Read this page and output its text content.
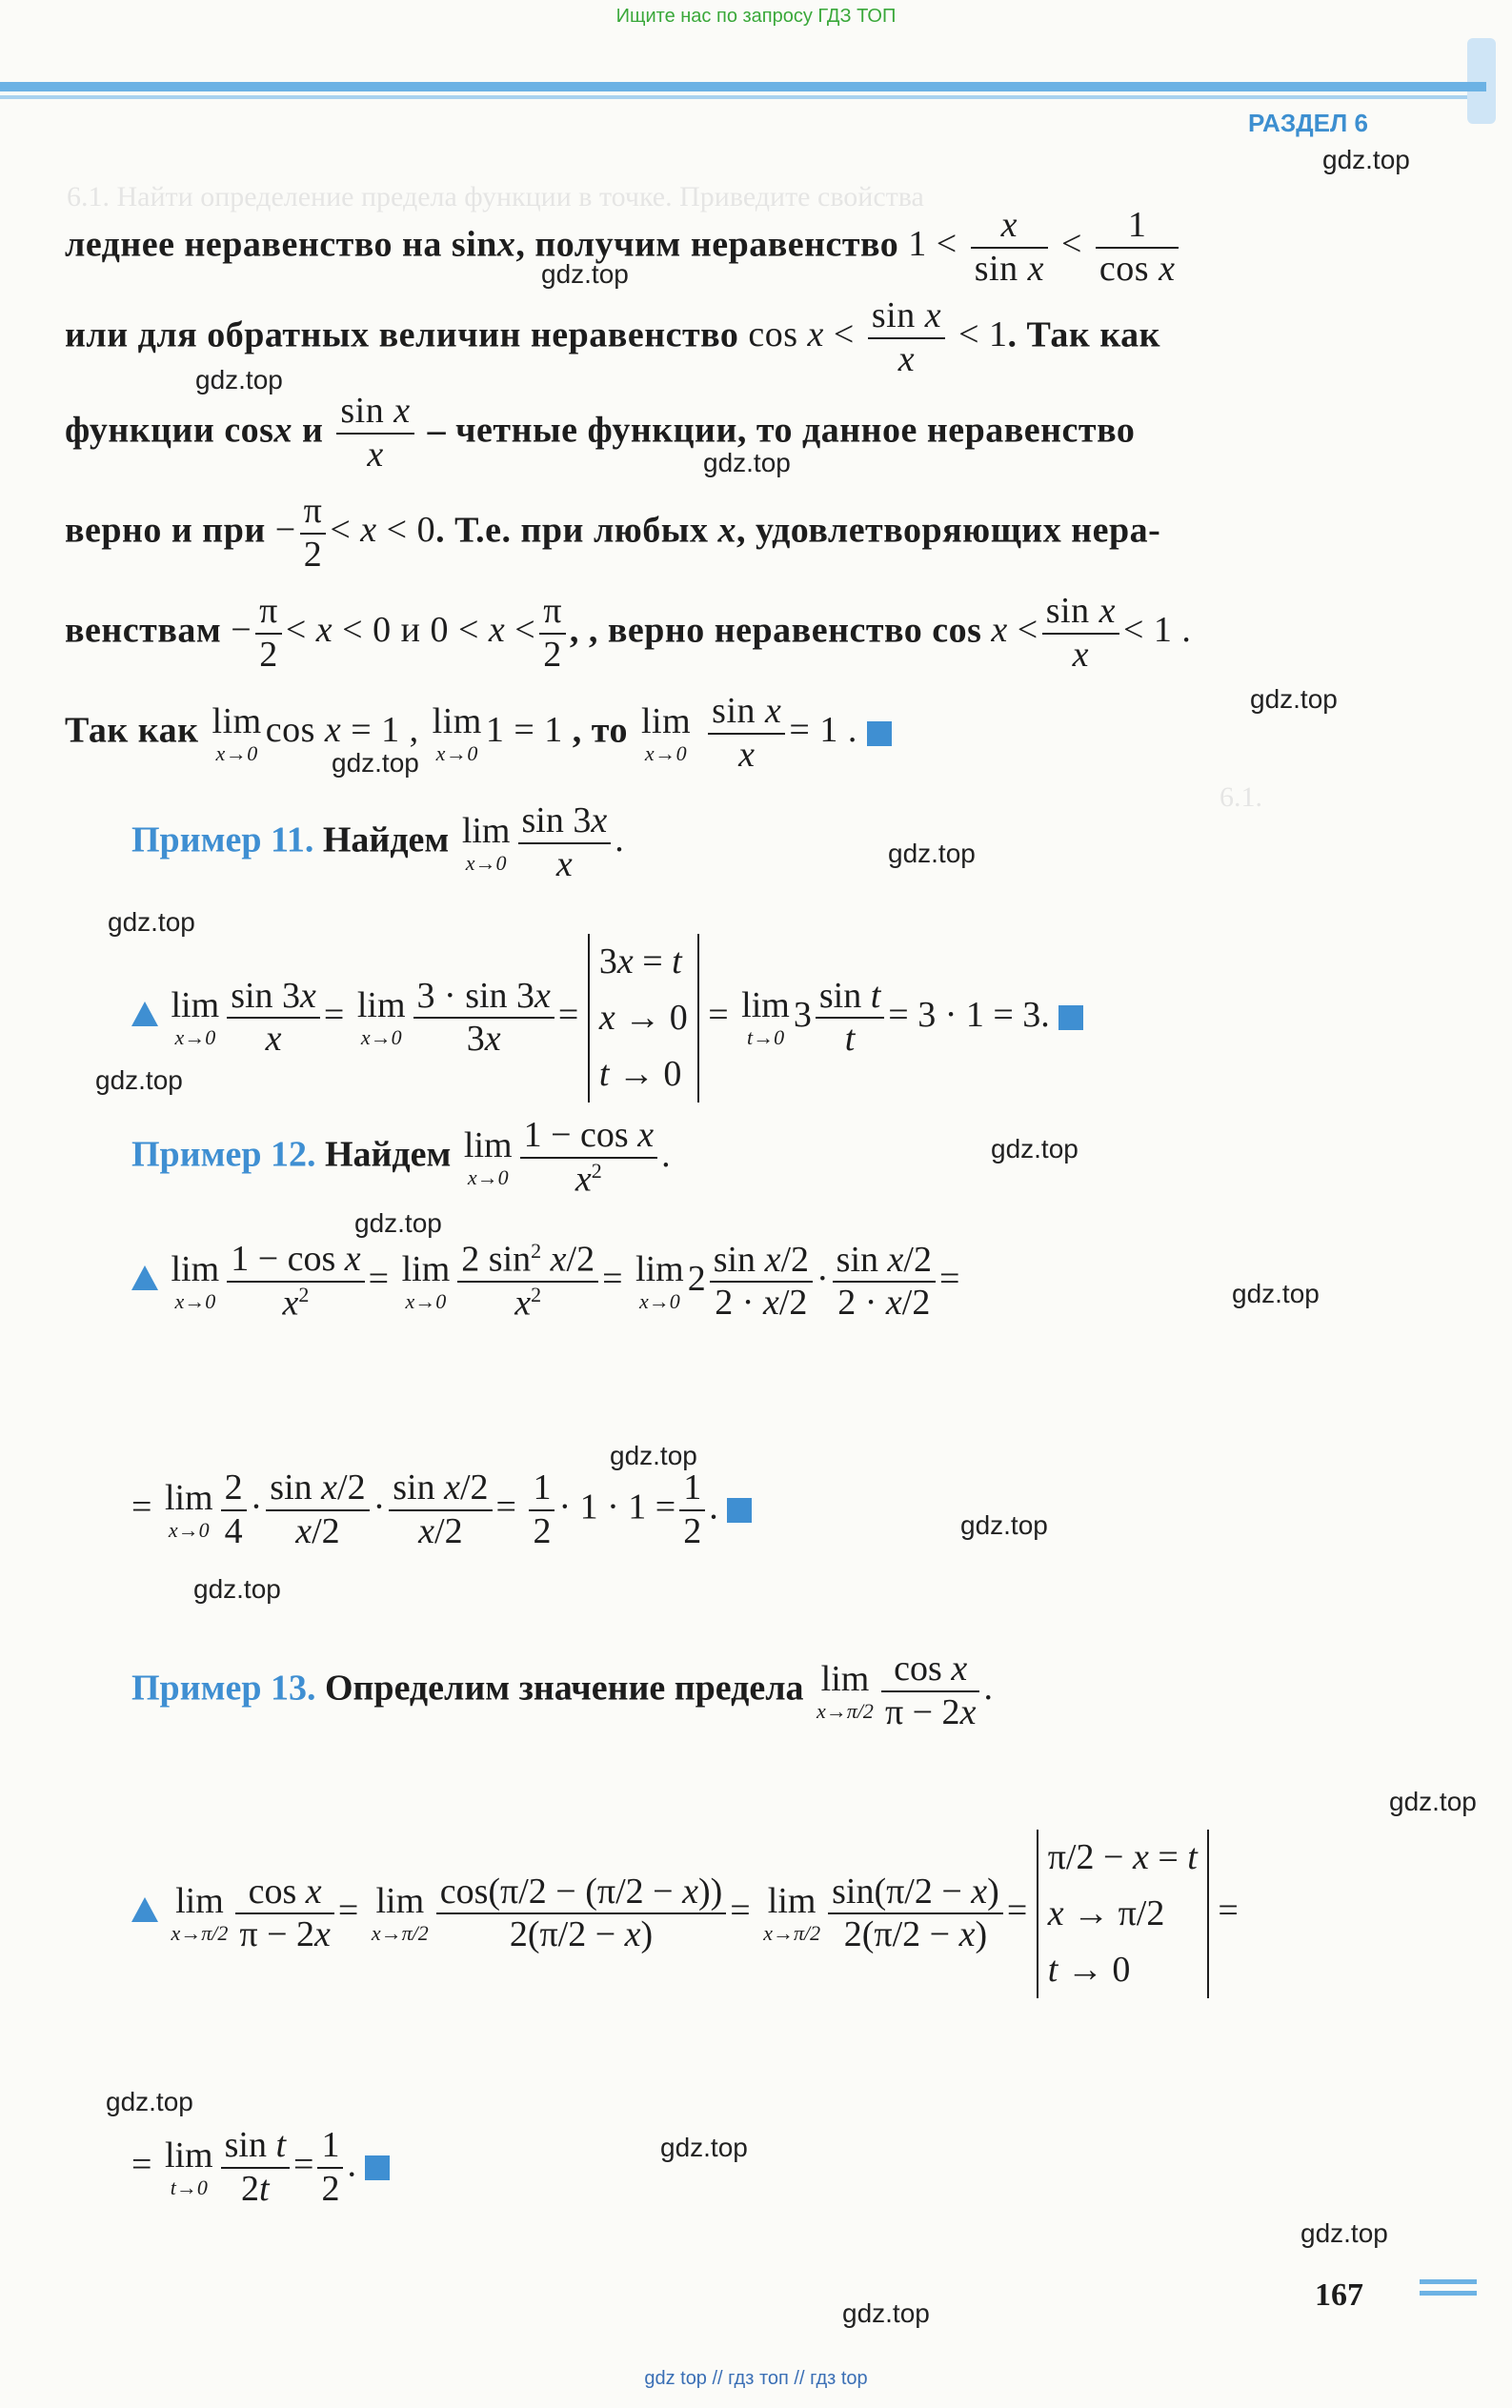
Ищите нас по запросу ГДЗ ТОП
РАЗДЕЛ 6
6.1. Найти определение предела функции в точке. Приведите свойства
6.1.
леднее неравенство на sinx, получим неравенство $1 < \frac{x}{\text{sin x}} < \frac{1}{\text{cos x}}$
или для обратных величин неравенство $\cos x < \frac{\text{sin x}}{x} < 1$. Так как
функции cosx и $\frac{\text{sin x}}{x}$ – четные функции, то данное неравенство
верно и при − $\frac{\pi}{2} < x < 0$. Т.е. при любых x, удовлетворяющих нера-
венствам − $\frac{\pi}{2} < x < 0$ и $0 < x < \frac{\pi}{2}$ , , верно неравенство $\cos x < \frac{\text{sin x}}{x} < 1$ .
Так как lim
x→0
cos x = 1 , lim
x→0
1 = 1 , то lim
x→0
$\frac{\text{sin x}}{x} = 1$ .
Пример 11. Найдем lim
$x\to 0 \frac{\sin 3x}{x}$ .
lim
$x\to 0 \frac{\sin 3x}{x} = \lim$
$x\to 0 \frac{3 \cdot \sin 3x}{3x} = 3x = t$
x → 0
t → 0 = lim
t→0
$3 \frac{\text{sin t}}{t} = 3 \cdot 1 = 3$.
Пример 12. Найдем lim
$x\to 0 \frac{\text{1 − cos x}}{x^2}$ .
lim
$x\to 0 \frac{\text{1 − cos x}}{x^2} = \lim$
$x\to 0 \frac{2 \sin^2 x/2}{x^2} = \lim$
x→0
$2 \frac{\text{sin x/2}}{2 \cdot x/2} \cdot \frac{\text{sin x/2}}{2 \cdot x/2}$ =
= lim
$x\to 0 \frac{2}{4} \cdot \frac{\text{sin x/2}}{x/2} \cdot \frac{\text{sin x/2}}{x/2} = \frac{1}{2} \cdot 1 \cdot 1 = \frac{1}{2}$ .
Пример 13. Определим значение предела lim
$x\to\pi/2 \frac{\text{cos x}}{\pi - 2x}$ .
lim
$x\to\pi/2 \frac{\text{cos x}}{\pi - 2x} = \lim$
$x\to\pi/2 \frac{\cos(\pi/2 - (\pi/2 - x))}{2(\pi/2 - x)} = \lim$
$x\to\pi/2 \frac{\sin(\pi/2 - x)}{2(\pi/2 - x)} = \pi/2 - x = t$
x → π/2
t → 0 =
= lim
$t\to 0 \frac{\text{sin t}}{2t} = \frac{1}{2}$ .
gdz.top
gdz.top
gdz.top
gdz.top
gdz.top
gdz.top
gdz.top
gdz.top
gdz.top
gdz.top
gdz.top
gdz.top
gdz.top
gdz.top
gdz.top
gdz.top
gdz.top
gdz.top
gdz.top
gdz.top
167
gdz top // гдз топ // гдз top
